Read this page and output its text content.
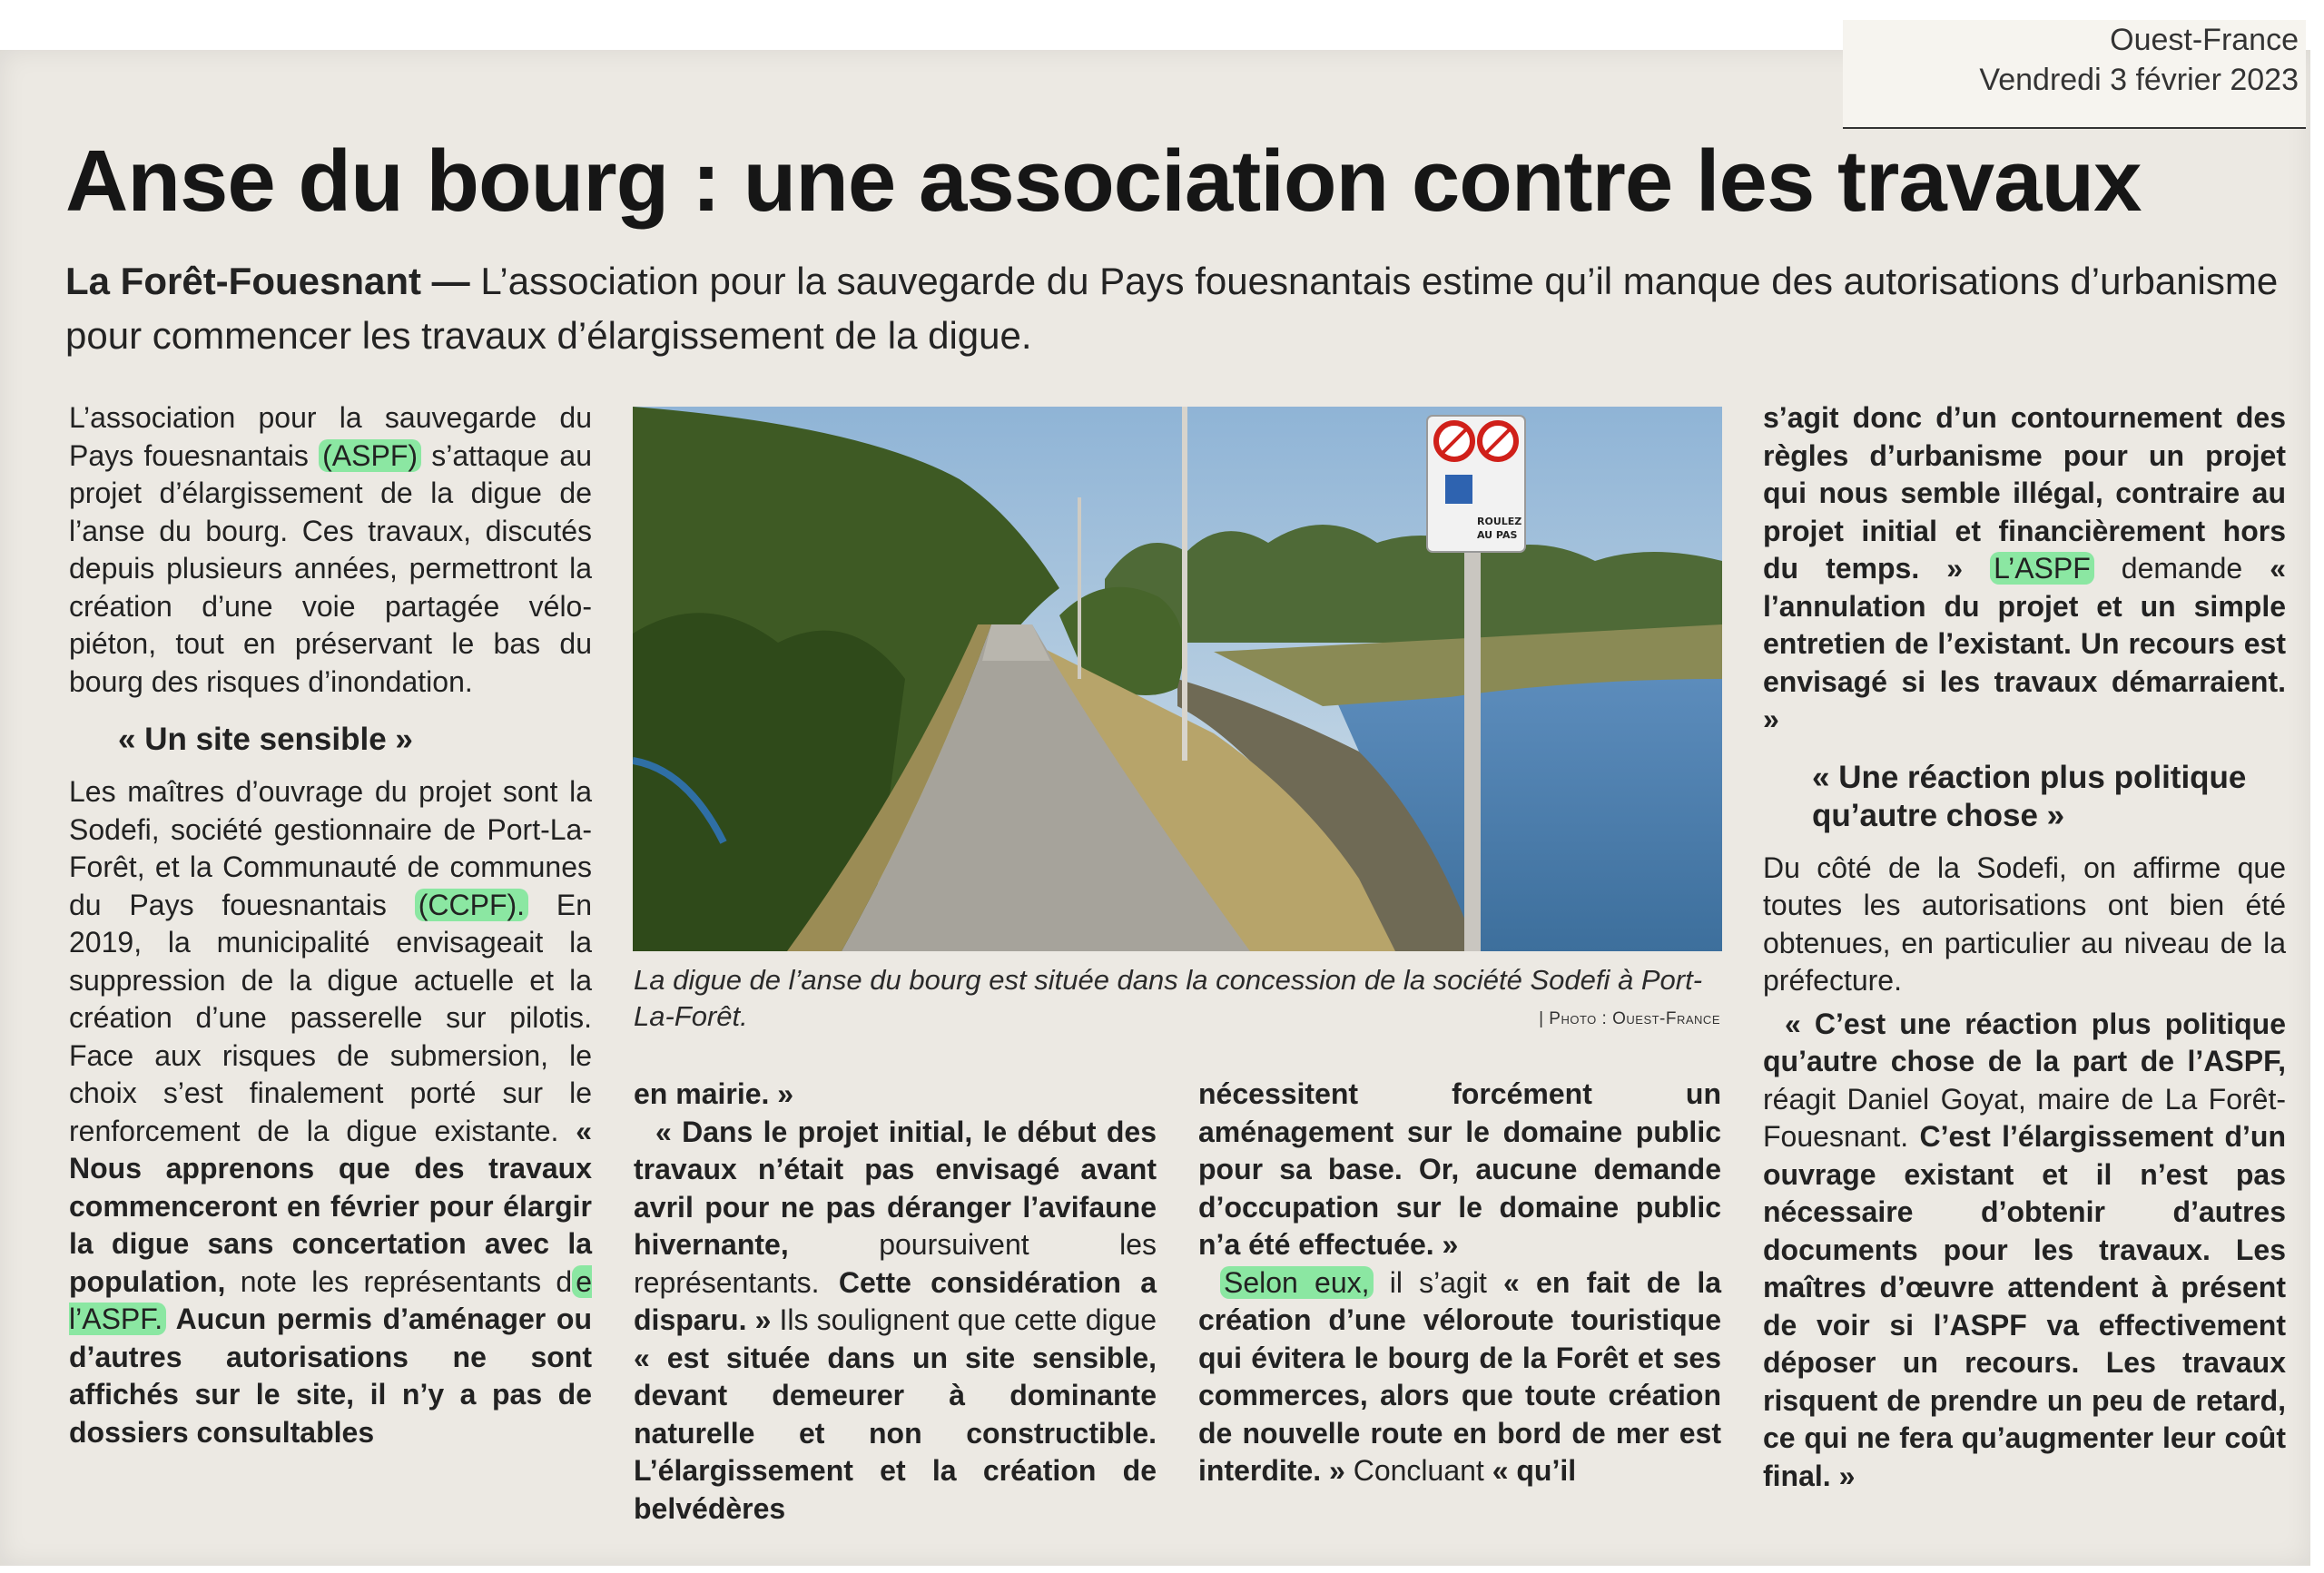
Ouest-France
Vendredi 3 février 2023
Anse du bourg : une association contre les travaux
La Forêt-Fouesnant — L’association pour la sauvegarde du Pays fouesnantais estime qu’il manque des autorisations d’urbanisme pour commencer les travaux d’élargissement de la digue.

L’association pour la sauvegarde du Pays fouesnantais (ASPF) s’attaque au projet d’élargissement de la digue de l’anse du bourg. Ces travaux, discutés depuis plusieurs années, permettront la création d’une voie partagée vélo-piéton, tout en préservant le bas du bourg des risques d’inondation.

« Un site sensible »

Les maîtres d’ouvrage du projet sont la Sodefi, société gestionnaire de Port-La-Forêt, et la Communauté de communes du Pays fouesnantais (CCPF). En 2019, la municipalité envisageait la suppression de la digue actuelle et la création d’une passerelle sur pilotis. Face aux risques de submersion, le choix s’est finalement porté sur le renforcement de la digue existante. « Nous apprenons que des travaux commenceront en février pour élargir la digue sans concertation avec la population, note les représentants d e l’ASPF. Aucun permis d’aménager ou d’autres autorisations ne sont affichés sur le site, il n’y a pas de dossiers consultables

ROULEZ
AU PAS
La digue de l’anse du bourg est située dans la concession de la société Sodefi à Port-La-Forêt.	| Photo : Ouest-France

en mairie. »

« Dans le projet initial, le début des travaux n’était pas envisagé avant avril pour ne pas déranger l’avifaune hivernante, poursuivent les représentants. Cette considération a disparu. » Ils soulignent que cette digue « est située dans un site sensible, devant demeurer à dominante naturelle et non constructible. L’élargissement et la création de belvédères

nécessitent forcément un aménagement sur le domaine public pour sa base. Or, aucune demande d’occupation sur le domaine public n’a été effectuée. »

Selon eux, il s’agit « en fait de la création d’une véloroute touristique qui évitera le bourg de la Forêt et ses commerces, alors que toute création de nouvelle route en bord de mer est interdite. » Concluant « qu’il

s’agit donc d’un contournement des règles d’urbanisme pour un projet qui nous semble illégal, contraire au projet initial et financièrement hors du temps. » L’ASPF demande « l’annulation du projet et un simple entretien de l’existant. Un recours est envisagé si les travaux démarraient. »

« Une réaction plus politique qu’autre chose »

Du côté de la Sodefi, on affirme que toutes les autorisations ont bien été obtenues, en particulier au niveau de la préfecture.

« C’est une réaction plus politique qu’autre chose de la part de l’ASPF, réagit Daniel Goyat, maire de La Forêt-Fouesnant. C’est l’élargissement d’un ouvrage existant et il n’est pas nécessaire d’obtenir d’autres documents pour les travaux. Les maîtres d’œuvre attendent à présent de voir si l’ASPF va effectivement déposer un recours. Les travaux risquent de prendre un peu de retard, ce qui ne fera qu’augmenter leur coût final. »
